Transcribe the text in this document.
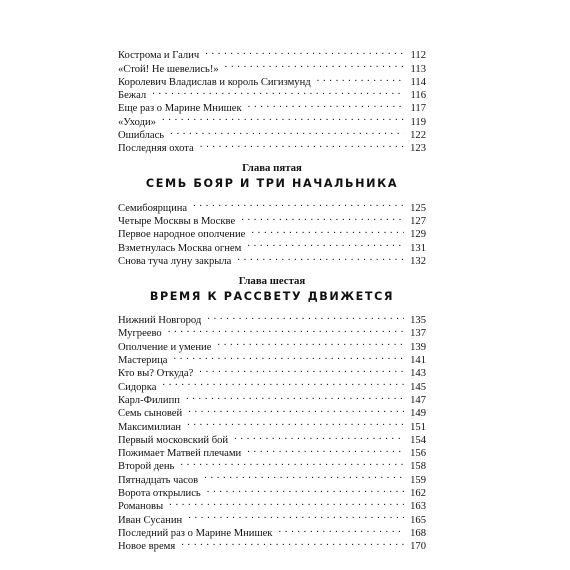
Кострома и Галич . . .	112
«Стой! Не шевелись!» . . .	113
Королевич Владислав и король Сигизмунд . . .	114
Бежал . . .	116
Еще раз о Марине Мнишек . . .	117
«Уходи» . . .	119
Ошиблась . . .	122
Последняя охота . . .	123

Глава пятая

СЕМЬ БОЯР И ТРИ НАЧАЛЬНИКА

Семибоярщина . . .	125
Четыре Москвы в Москве . . .	127
Первое народное ополчение . . .	129
Взметнулась Москва огнем . . .	131
Снова туча луну закрыла . . .	132

Глава шестая

ВРЕМЯ К РАССВЕТУ ДВИЖЕТСЯ

Нижний Новгород . . .	135
Мугреево . . .	137
Ополчение и умение . . .	139
Мастерица . . .	141
Кто вы? Откуда? . . .	143
Сидорка . . .	145
Карл-Филипп . . .	147
Семь сыновей . . .	149
Максимилиан . . .	151
Первый московский бой . . .	154
Пожимает Матвей плечами . . .	156
Второй день . . .	158
Пятнадцать часов . . .	159
Ворота открылись . . .	162
Романовы . . .	163
Иван Сусанин . . .	165
Последний раз о Марине Мнишек . . .	168
Новое время . . .	170
